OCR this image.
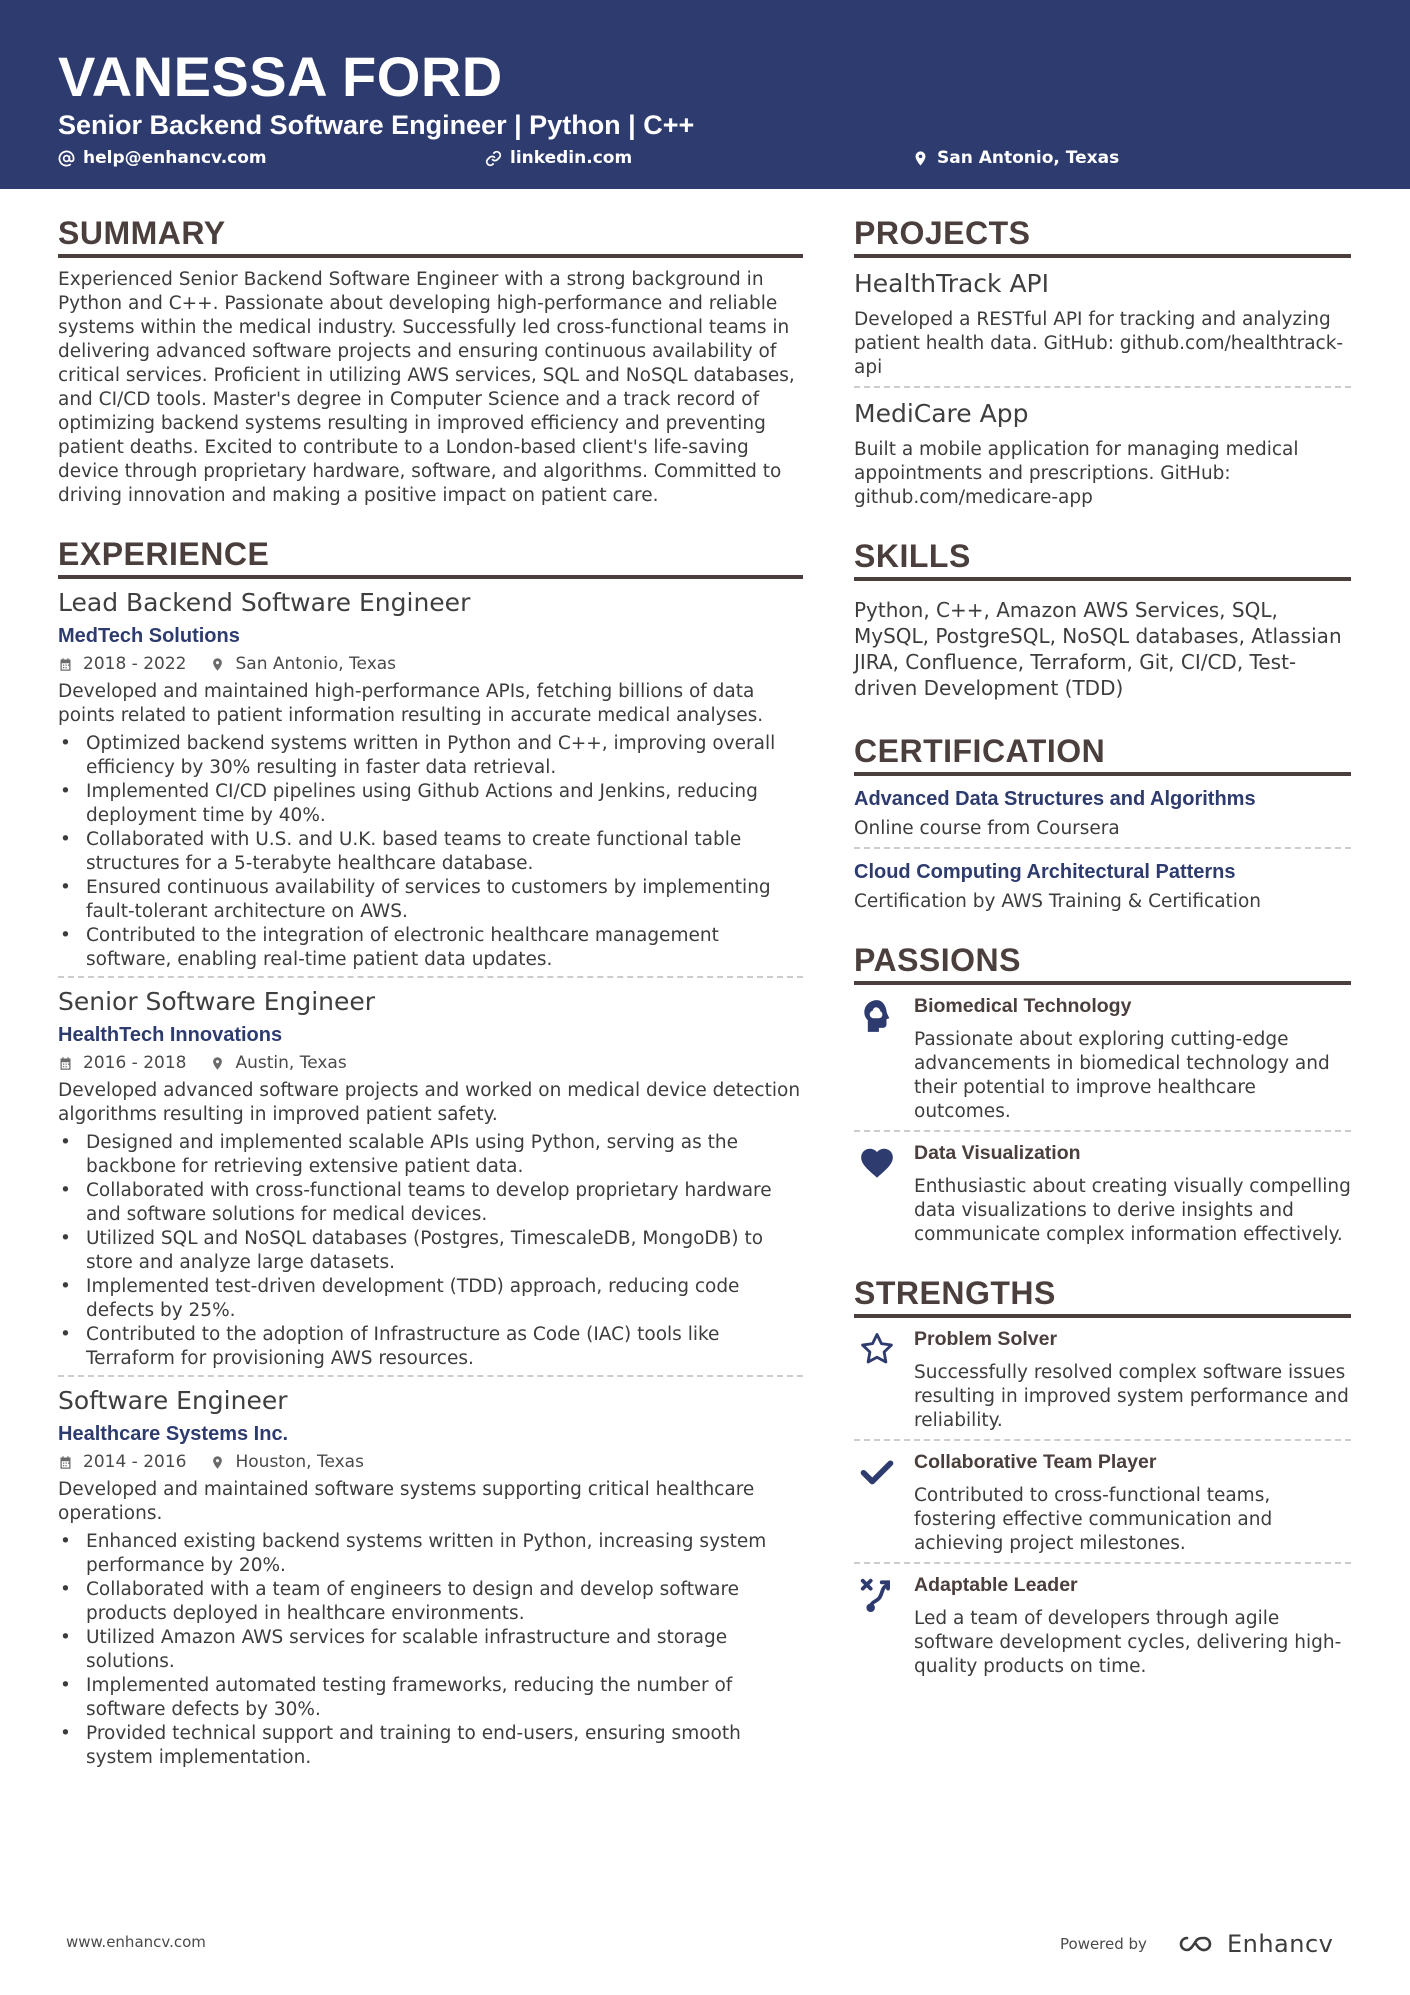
VANESSA FORD
Senior Backend Software Engineer | Python | C++
help@enhancv.com	linkedin.com	San Antonio, Texas
SUMMARY
Experienced Senior Backend Software Engineer with a strong background in Python and C++. Passionate about developing high-performance and reliable systems within the medical industry. Successfully led cross-functional teams in delivering advanced software projects and ensuring continuous availability of critical services. Proficient in utilizing AWS services, SQL and NoSQL databases, and CI/CD tools. Master's degree in Computer Science and a track record of optimizing backend systems resulting in improved efficiency and preventing patient deaths. Excited to contribute to a London-based client's life-saving device through proprietary hardware, software, and algorithms. Committed to driving innovation and making a positive impact on patient care.
EXPERIENCE
Lead Backend Software Engineer
MedTech Solutions
2018 - 2022	San Antonio, Texas
Developed and maintained high-performance APIs, fetching billions of data points related to patient information resulting in accurate medical analyses.
• Optimized backend systems written in Python and C++, improving overall efficiency by 30% resulting in faster data retrieval.
• Implemented CI/CD pipelines using Github Actions and Jenkins, reducing deployment time by 40%.
• Collaborated with U.S. and U.K. based teams to create functional table structures for a 5-terabyte healthcare database.
• Ensured continuous availability of services to customers by implementing fault-tolerant architecture on AWS.
• Contributed to the integration of electronic healthcare management software, enabling real-time patient data updates.
Senior Software Engineer
HealthTech Innovations
2016 - 2018	Austin, Texas
Developed advanced software projects and worked on medical device detection algorithms resulting in improved patient safety.
• Designed and implemented scalable APIs using Python, serving as the backbone for retrieving extensive patient data.
• Collaborated with cross-functional teams to develop proprietary hardware and software solutions for medical devices.
• Utilized SQL and NoSQL databases (Postgres, TimescaleDB, MongoDB) to store and analyze large datasets.
• Implemented test-driven development (TDD) approach, reducing code defects by 25%.
• Contributed to the adoption of Infrastructure as Code (IAC) tools like Terraform for provisioning AWS resources.
Software Engineer
Healthcare Systems Inc.
2014 - 2016	Houston, Texas
Developed and maintained software systems supporting critical healthcare operations.
• Enhanced existing backend systems written in Python, increasing system performance by 20%.
• Collaborated with a team of engineers to design and develop software products deployed in healthcare environments.
• Utilized Amazon AWS services for scalable infrastructure and storage solutions.
• Implemented automated testing frameworks, reducing the number of software defects by 30%.
• Provided technical support and training to end-users, ensuring smooth system implementation.
PROJECTS
HealthTrack API
Developed a RESTful API for tracking and analyzing patient health data. GitHub: github.com/healthtrack-api
MediCare App
Built a mobile application for managing medical appointments and prescriptions. GitHub: github.com/medicare-app
SKILLS
Python, C++, Amazon AWS Services, SQL, MySQL, PostgreSQL, NoSQL databases, Atlassian JIRA, Confluence, Terraform, Git, CI/CD, Test-driven Development (TDD)
CERTIFICATION
Advanced Data Structures and Algorithms
Online course from Coursera
Cloud Computing Architectural Patterns
Certification by AWS Training & Certification
PASSIONS
Biomedical Technology
Passionate about exploring cutting-edge advancements in biomedical technology and their potential to improve healthcare outcomes.
Data Visualization
Enthusiastic about creating visually compelling data visualizations to derive insights and communicate complex information effectively.
STRENGTHS
Problem Solver
Successfully resolved complex software issues resulting in improved system performance and reliability.
Collaborative Team Player
Contributed to cross-functional teams, fostering effective communication and achieving project milestones.
Adaptable Leader
Led a team of developers through agile software development cycles, delivering high-quality products on time.
www.enhancv.com	Powered by	Enhancv
